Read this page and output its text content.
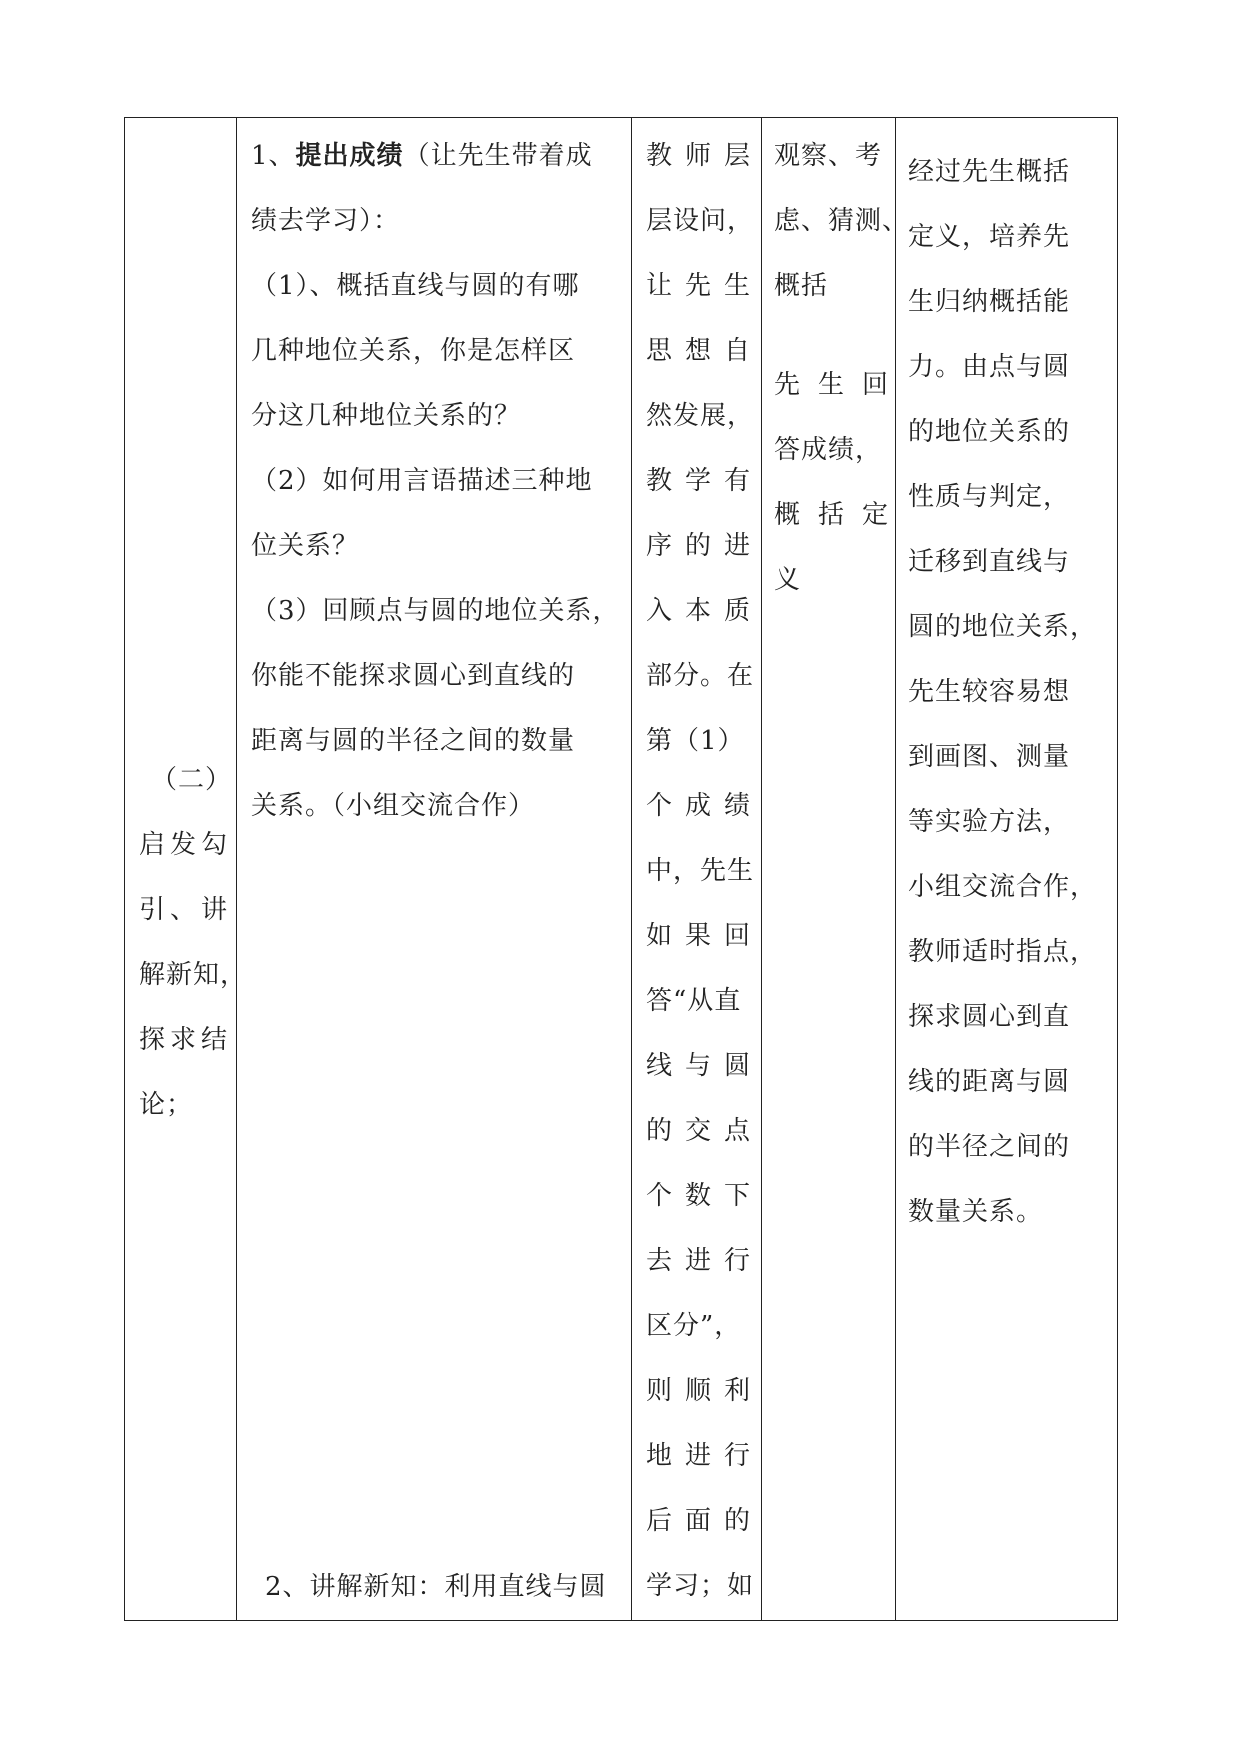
（二）
启发勾
引、讲
解新知，
探求结
论；

1、提出成绩（让先生带着成
绩去学习）：
（1）、概括直线与圆的有哪
几种地位关系，你是怎样区
分这几种地位关系的？
（2）如何用言语描述三种地
位关系？
（3）回顾点与圆的地位关系，
你能不能探求圆心到直线的
距离与圆的半径之间的数量
关系。（小组交流合作）
2、讲解新知：利用直线与圆

教师层
层设问，
让先生
思想自
然发展，
教学有
序的进
入本质
部分。在
第（1）
个成绩
中，先生
如果回
答“从直
线与圆
的交点
个数下
去进行
区分”，
则顺利
地进行
后面的
学习；如

观察、考
虑、猜测、
概括
先生回
答成绩，
概括定
义

经过先生概括
定义，培养先
生归纳概括能
力。由点与圆
的地位关系的
性质与判定，
迁移到直线与
圆的地位关系，
先生较容易想
到画图、测量
等实验方法，
小组交流合作，
教师适时指点，
探求圆心到直
线的距离与圆
的半径之间的
数量关系。
